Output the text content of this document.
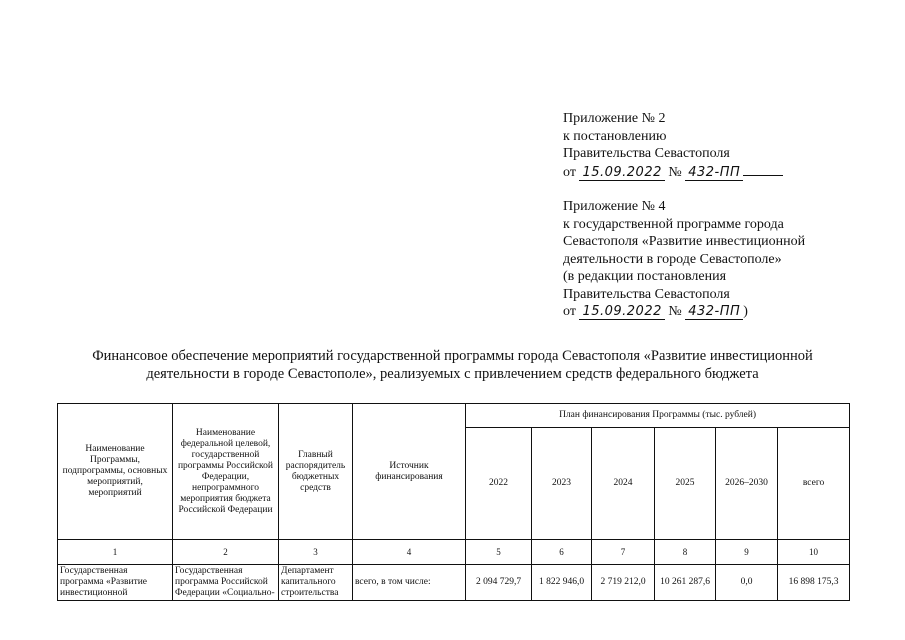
Приложение № 2
к постановлению
Правительства Севастополя
от 15.09.2022 № 432-ПП
Приложение № 4
к государственной программе города
Севастополя «Развитие инвестиционной
деятельности в городе Севастополе»
(в редакции постановления
Правительства Севастополя
от 15.09.2022 № 432-ПП )
Финансовое обеспечение мероприятий государственной программы города Севастополя «Развитие инвестиционной
деятельности в городе Севастополе», реализуемых с привлечением средств федерального бюджета
Наименование Программы, подпрограммы, основных мероприятий, мероприятий	Наименование федеральной целевой, государственной программы Российской Федерации, непрограммного мероприятия бюджета Российской Федерации	Главный распорядитель бюджетных средств	Источник финансирования	План финансирования Программы (тыс. рублей)					
				2022	2023	2024	2025	2026–2030	всего
1	2	3	4	5	6	7	8	9	10
Государственная программа «Развитие инвестиционной	Государственная программа Российской Федерации «Социально-	Департамент капитального строительства	всего, в том числе:	2 094 729,7	1 822 946,0	2 719 212,0	10 261 287,6	0,0	16 898 175,3
